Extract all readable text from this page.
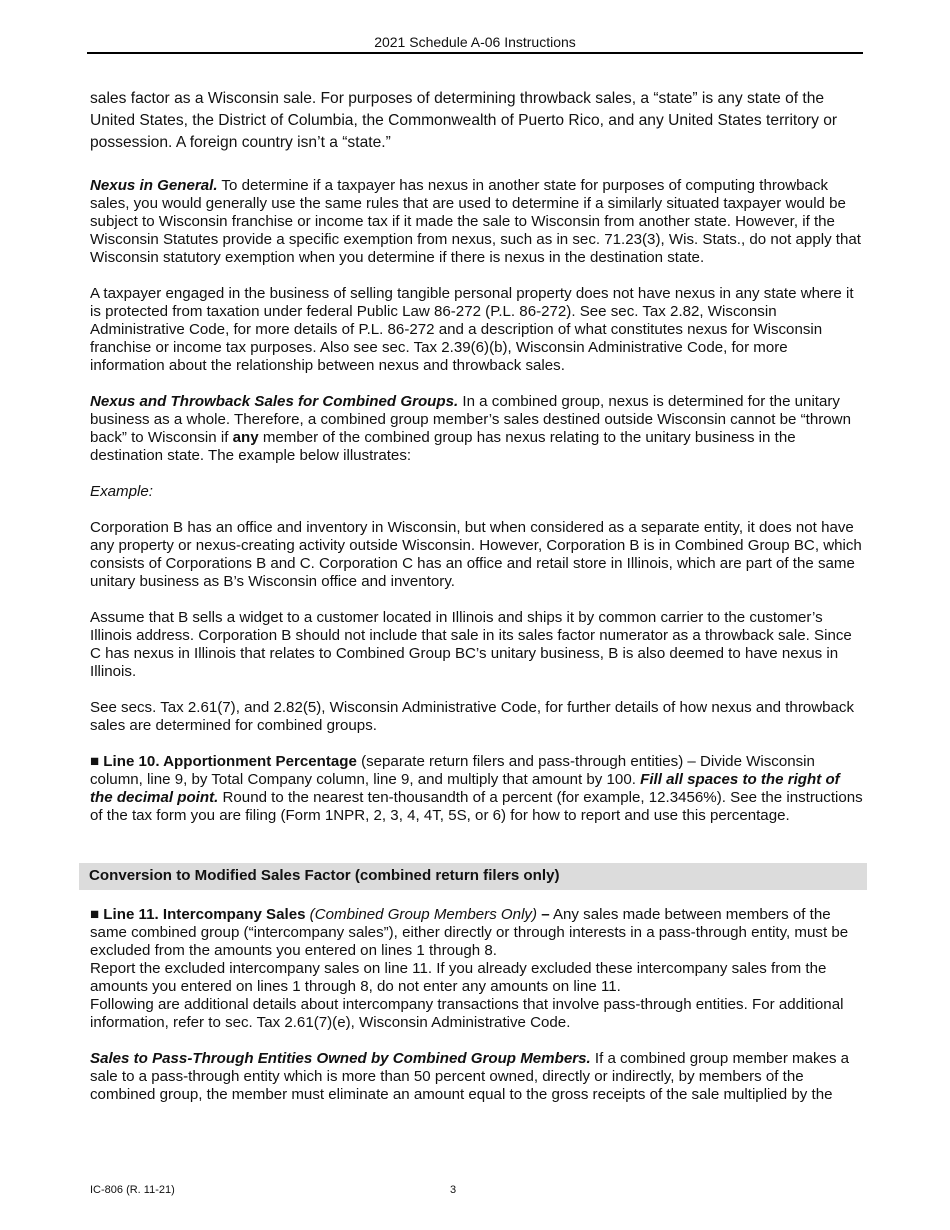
2021 Schedule A-06 Instructions

sales factor as a Wisconsin sale. For purposes of determining throwback sales, a “state” is any state of the United States, the District of Columbia, the Commonwealth of Puerto Rico, and any United States territory or possession. A foreign country isn’t a “state.”

Nexus in General. To determine if a taxpayer has nexus in another state for purposes of computing throwback sales, you would generally use the same rules that are used to determine if a similarly situated taxpayer would be subject to Wisconsin franchise or income tax if it made the sale to Wisconsin from another state. However, if the Wisconsin Statutes provide a specific exemption from nexus, such as in sec. 71.23(3), Wis. Stats., do not apply that Wisconsin statutory exemption when you determine if there is nexus in the destination state.

A taxpayer engaged in the business of selling tangible personal property does not have nexus in any state where it is protected from taxation under federal Public Law 86-272 (P.L. 86-272). See sec. Tax 2.82, Wisconsin Administrative Code, for more details of P.L. 86-272 and a description of what constitutes nexus for Wisconsin franchise or income tax purposes. Also see sec. Tax 2.39(6)(b), Wisconsin Administrative Code, for more information about the relationship between nexus and throwback sales.

Nexus and Throwback Sales for Combined Groups. In a combined group, nexus is determined for the unitary business as a whole. Therefore, a combined group member’s sales destined outside Wisconsin cannot be “thrown back” to Wisconsin if any member of the combined group has nexus relating to the unitary business in the destination state. The example below illustrates:

Example:

Corporation B has an office and inventory in Wisconsin, but when considered as a separate entity, it does not have any property or nexus-creating activity outside Wisconsin. However, Corporation B is in Combined Group BC, which consists of Corporations B and C. Corporation C has an office and retail store in Illinois, which are part of the same unitary business as B’s Wisconsin office and inventory.

Assume that B sells a widget to a customer located in Illinois and ships it by common carrier to the customer’s Illinois address. Corporation B should not include that sale in its sales factor numerator as a throwback sale. Since C has nexus in Illinois that relates to Combined Group BC’s unitary business, B is also deemed to have nexus in Illinois.

See secs. Tax 2.61(7), and 2.82(5), Wisconsin Administrative Code, for further details of how nexus and throwback sales are determined for combined groups.

■ Line 10. Apportionment Percentage (separate return filers and pass-through entities) – Divide Wisconsin column, line 9, by Total Company column, line 9, and multiply that amount by 100. Fill all spaces to the right of the decimal point. Round to the nearest ten-thousandth of a percent (for example, 12.3456%). See the instructions of the tax form you are filing (Form 1NPR, 2, 3, 4, 4T, 5S, or 6) for how to report and use this percentage.

Conversion to Modified Sales Factor (combined return filers only)

■ Line 11. Intercompany Sales (Combined Group Members Only) – Any sales made between members of the same combined group (“intercompany sales”), either directly or through interests in a pass-through entity, must be excluded from the amounts you entered on lines 1 through 8.

Report the excluded intercompany sales on line 11. If you already excluded these intercompany sales from the amounts you entered on lines 1 through 8, do not enter any amounts on line 11.

Following are additional details about intercompany transactions that involve pass-through entities. For additional information, refer to sec. Tax 2.61(7)(e), Wisconsin Administrative Code.

Sales to Pass-Through Entities Owned by Combined Group Members. If a combined group member makes a sale to a pass-through entity which is more than 50 percent owned, directly or indirectly, by members of the combined group, the member must eliminate an amount equal to the gross receipts of the sale multiplied by the

IC-806 (R. 11-21)	3
